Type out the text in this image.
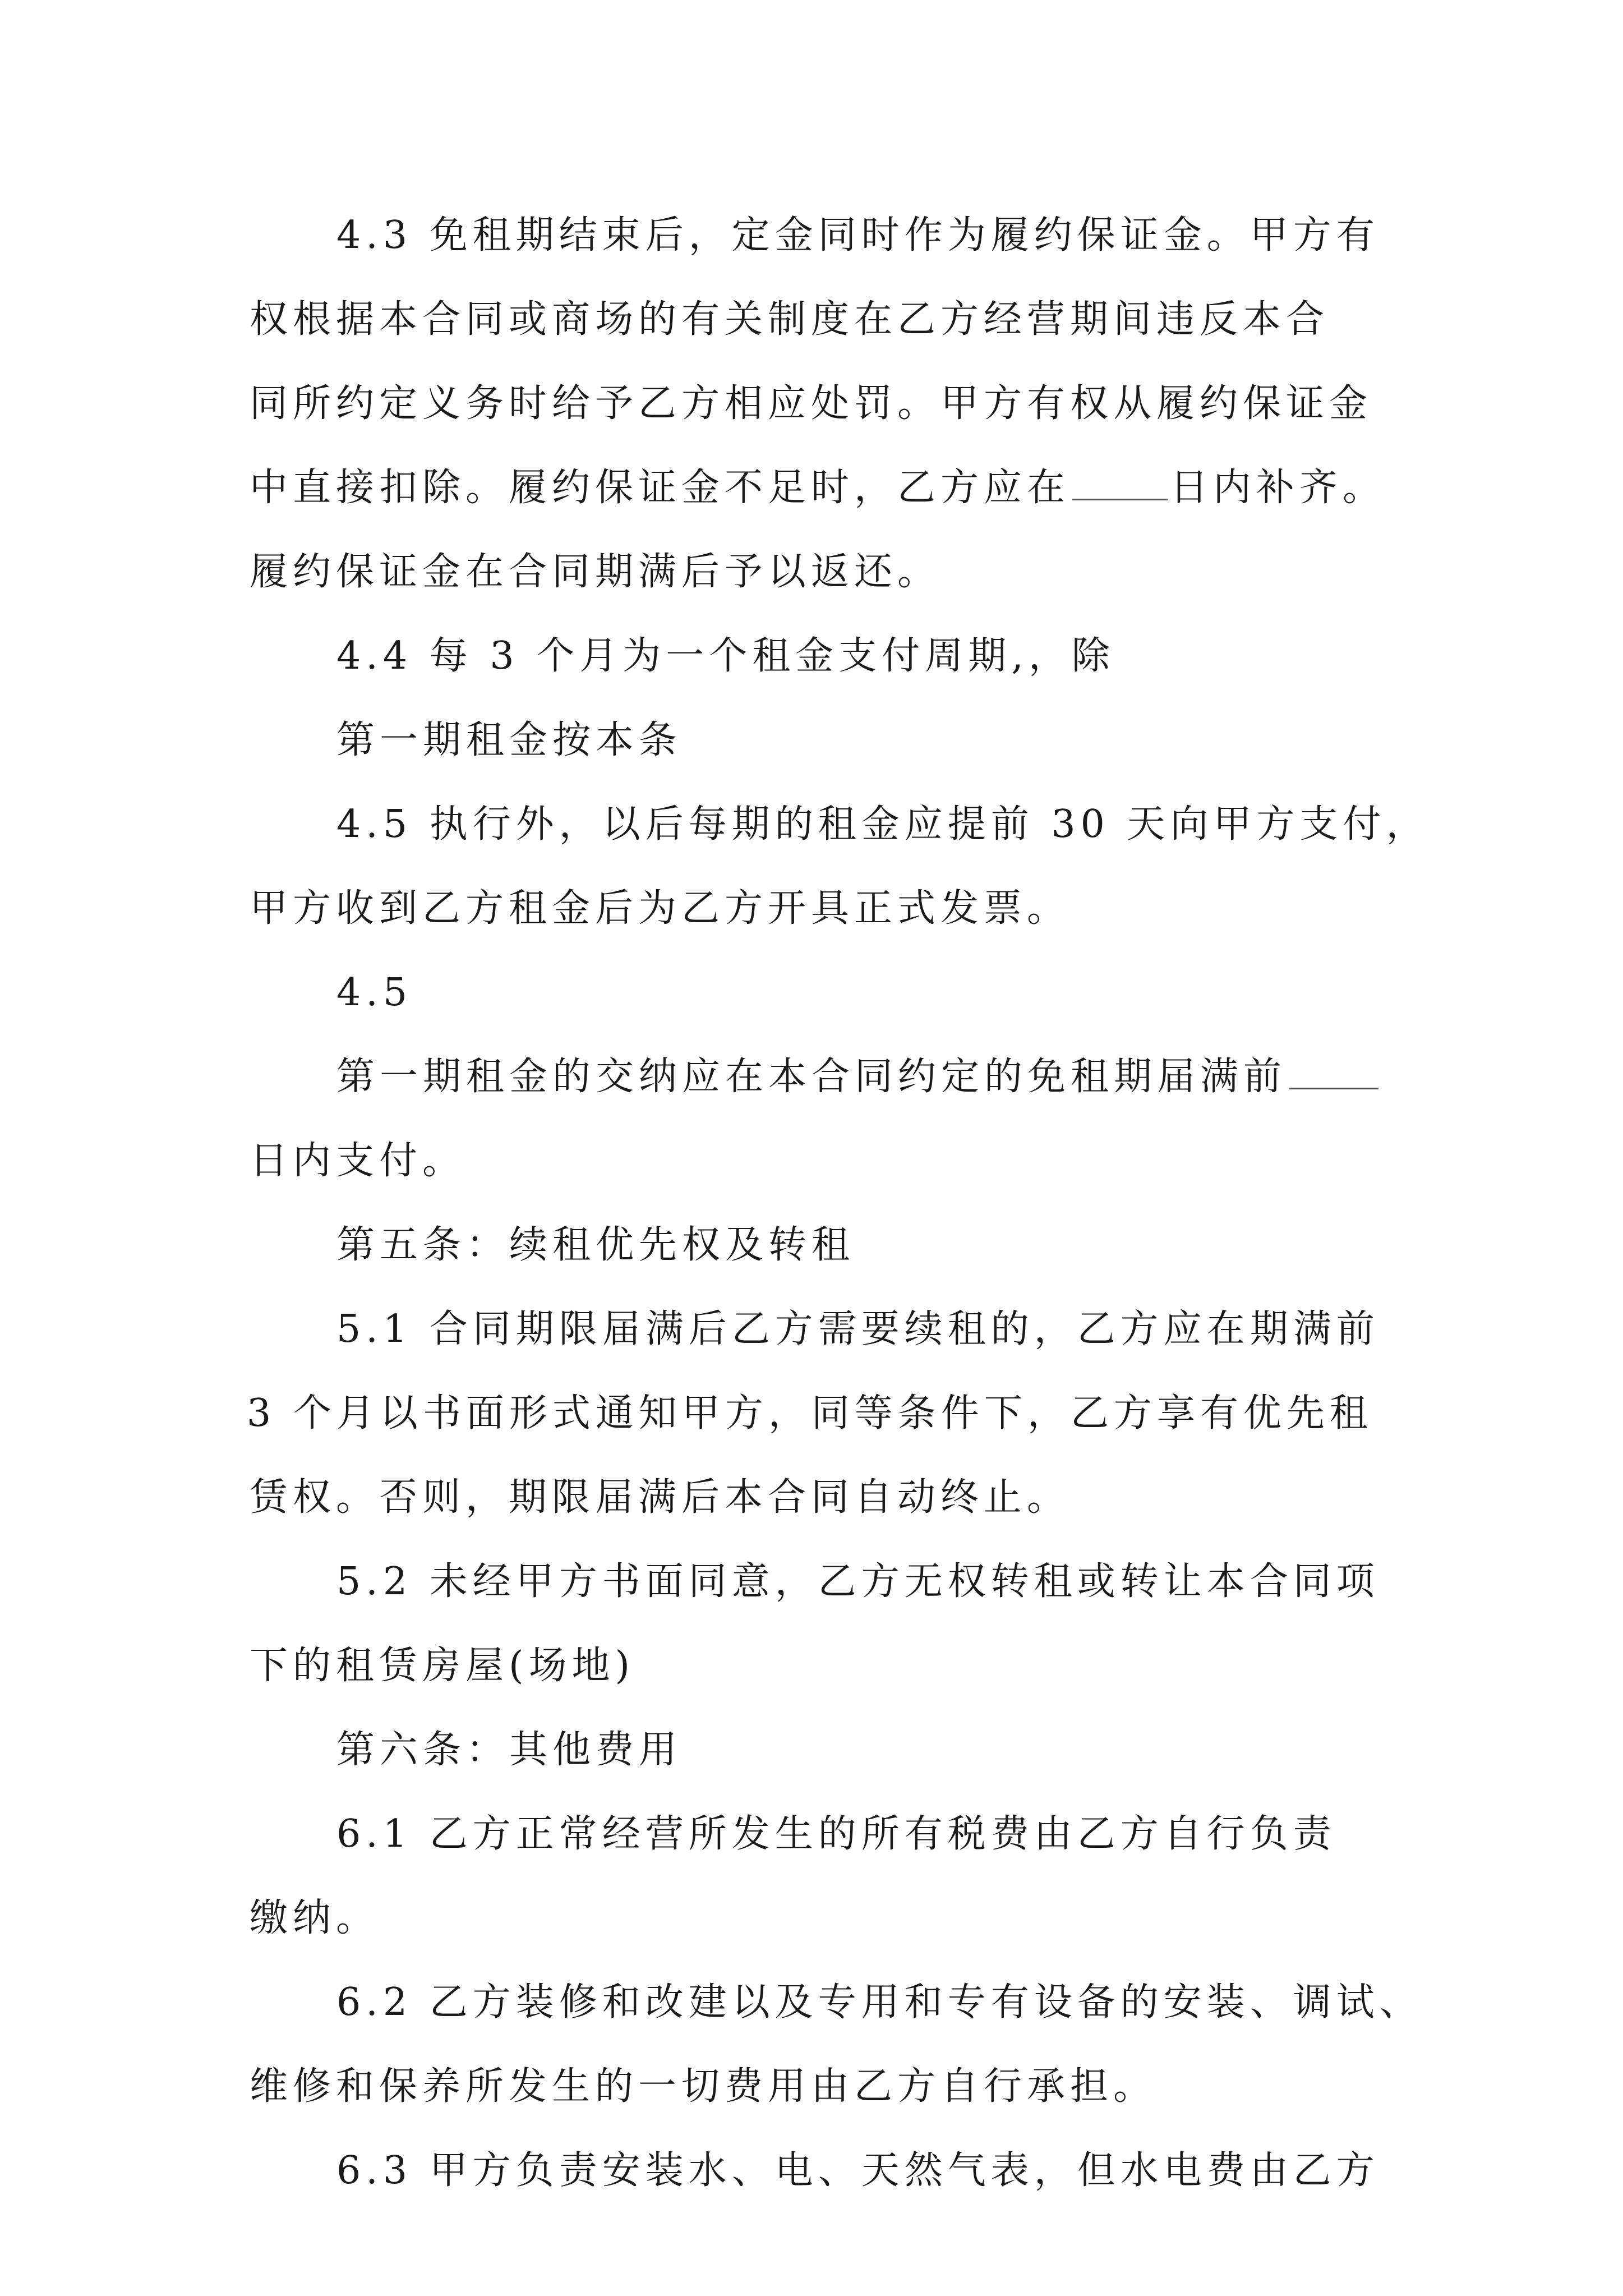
4.3 免租期结束后，定金同时作为履约保证金。甲方有
权根据本合同或商场的有关制度在乙方经营期间违反本合
同所约定义务时给予乙方相应处罚。甲方有权从履约保证金
中直接扣除。履约保证金不足时，乙方应在	日内补齐。
履约保证金在合同期满后予以返还。
4.4 每 3 个月为一个租金支付周期,，除
第一期租金按本条
4.5 执行外，以后每期的租金应提前 30 天向甲方支付，
甲方收到乙方租金后为乙方开具正式发票。
4.5
第一期租金的交纳应在本合同约定的免租期届满前
日内支付。
第五条：续租优先权及转租
5.1 合同期限届满后乙方需要续租的，乙方应在期满前
3 个月以书面形式通知甲方，同等条件下，乙方享有优先租
赁权。否则，期限届满后本合同自动终止。
5.2 未经甲方书面同意，乙方无权转租或转让本合同项
下的租赁房屋(场地)
第六条：其他费用
6.1 乙方正常经营所发生的所有税费由乙方自行负责
缴纳。
6.2 乙方装修和改建以及专用和专有设备的安装、调试、
维修和保养所发生的一切费用由乙方自行承担。
6.3 甲方负责安装水、电、天然气表，但水电费由乙方
